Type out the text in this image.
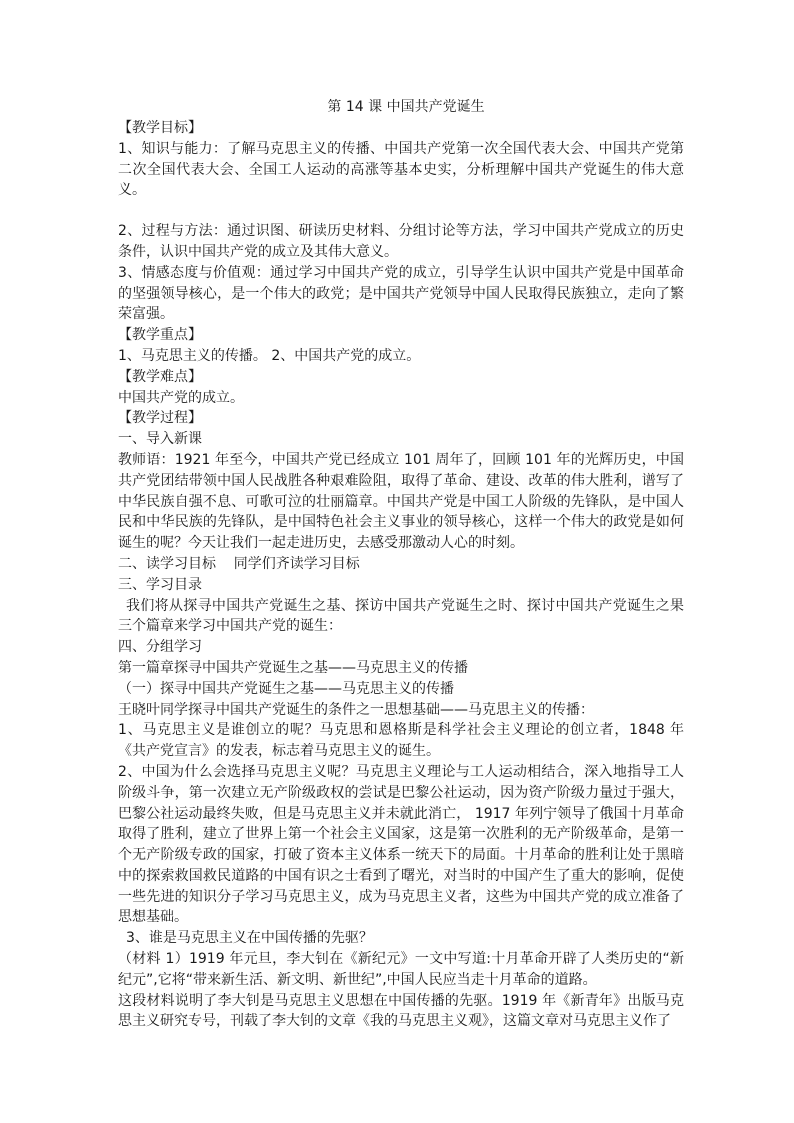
第 14 课 中国共产党诞生

【教学目标】

1、知识与能力：了解马克思主义的传播、中国共产党第一次全国代表大会、中国共产党第二次全国代表大会、全国工人运动的高涨等基本史实，分析理解中国共产党诞生的伟大意义。

2、过程与方法：通过识图、研读历史材料、分组讨论等方法，学习中国共产党成立的历史条件，认识中国共产党的成立及其伟大意义。

3、情感态度与价值观：通过学习中国共产党的成立，引导学生认识中国共产党是中国革命的坚强领导核心，是一个伟大的政党；是中国共产党领导中国人民取得民族独立，走向了繁荣富强。

【教学重点】

1、马克思主义的传播。 2、中国共产党的成立。

【教学难点】

中国共产党的成立。

【教学过程】

一、导入新课

教师语：1921 年至今，中国共产党已经成立 101 周年了，回顾 101 年的光辉历史，中国共产党团结带领中国人民战胜各种艰难险阻，取得了革命、建设、改革的伟大胜利，谱写了中华民族自强不息、可歌可泣的壮丽篇章。中国共产党是中国工人阶级的先锋队，是中国人民和中华民族的先锋队，是中国特色社会主义事业的领导核心，这样一个伟大的政党是如何诞生的呢？今天让我们一起走进历史，去感受那激动人心的时刻。

二、读学习目标    同学们齐读学习目标

三、学习目录

我们将从探寻中国共产党诞生之基、探访中国共产党诞生之时、探讨中国共产党诞生之果三个篇章来学习中国共产党的诞生：

四、分组学习

第一篇章探寻中国共产党诞生之基——马克思主义的传播

（一）探寻中国共产党诞生之基——马克思主义的传播

王晓叶同学探寻中国共产党诞生的条件之一思想基础——马克思主义的传播：

1、马克思主义是谁创立的呢？马克思和恩格斯是科学社会主义理论的创立者，1848 年《共产党宣言》的发表，标志着马克思主义的诞生。

2、中国为什么会选择马克思主义呢？马克思主义理论与工人运动相结合，深入地指导工人阶级斗争，第一次建立无产阶级政权的尝试是巴黎公社运动，因为资产阶级力量过于强大，巴黎公社运动最终失败，但是马克思主义并未就此消亡， 1917 年列宁领导了俄国十月革命取得了胜利，建立了世界上第一个社会主义国家，这是第一次胜利的无产阶级革命，是第一个无产阶级专政的国家，打破了资本主义体系一统天下的局面。十月革命的胜利让处于黑暗中的探索救国救民道路的中国有识之士看到了曙光，对当时的中国产生了重大的影响，促使一些先进的知识分子学习马克思主义，成为马克思主义者，这些为中国共产党的成立准备了思想基础。

3、谁是马克思主义在中国传播的先驱？

（材料 1）1919 年元旦，李大钊在《新纪元》一文中写道:十月革命开辟了人类历史的“新纪元”,它将“带来新生活、新文明、新世纪”,中国人民应当走十月革命的道路。

这段材料说明了李大钊是马克思主义思想在中国传播的先驱。1919 年《新青年》出版马克思主义研究专号，刊载了李大钊的文章《我的马克思主义观》，这篇文章对马克思主义作了
